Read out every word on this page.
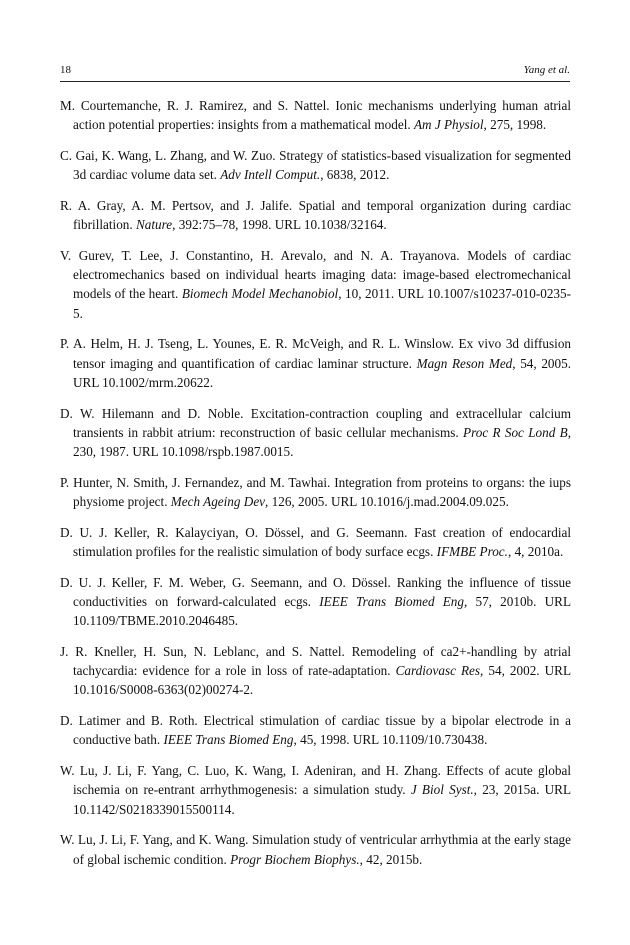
18	Yang et al.

M. Courtemanche, R. J. Ramirez, and S. Nattel. Ionic mechanisms underlying human atrial action potential properties: insights from a mathematical model. Am J Physiol, 275, 1998.

C. Gai, K. Wang, L. Zhang, and W. Zuo. Strategy of statistics-based visualization for segmented 3d cardiac volume data set. Adv Intell Comput., 6838, 2012.

R. A. Gray, A. M. Pertsov, and J. Jalife. Spatial and temporal organization during cardiac fibrillation. Nature, 392:75–78, 1998. URL 10.1038/32164.

V. Gurev, T. Lee, J. Constantino, H. Arevalo, and N. A. Trayanova. Models of cardiac electromechanics based on individual hearts imaging data: image-based electromechanical models of the heart. Biomech Model Mechanobiol, 10, 2011. URL 10.1007/s10237-010-0235-5.

P. A. Helm, H. J. Tseng, L. Younes, E. R. McVeigh, and R. L. Winslow. Ex vivo 3d diffusion tensor imaging and quantification of cardiac laminar structure. Magn Reson Med, 54, 2005. URL 10.1002/mrm.20622.

D. W. Hilemann and D. Noble. Excitation-contraction coupling and extracellular calcium transients in rabbit atrium: reconstruction of basic cellular mechanisms. Proc R Soc Lond B, 230, 1987. URL 10.1098/rspb.1987.0015.

P. Hunter, N. Smith, J. Fernandez, and M. Tawhai. Integration from proteins to organs: the iups physiome project. Mech Ageing Dev, 126, 2005. URL 10.1016/j.mad.2004.09.025.

D. U. J. Keller, R. Kalayciyan, O. Dössel, and G. Seemann. Fast creation of endocardial stimulation profiles for the realistic simulation of body surface ecgs. IFMBE Proc., 4, 2010a.

D. U. J. Keller, F. M. Weber, G. Seemann, and O. Dössel. Ranking the influence of tissue conductivities on forward-calculated ecgs. IEEE Trans Biomed Eng, 57, 2010b. URL 10.1109/TBME.2010.2046485.

J. R. Kneller, H. Sun, N. Leblanc, and S. Nattel. Remodeling of ca2+-handling by atrial tachycardia: evidence for a role in loss of rate-adaptation. Cardiovasc Res, 54, 2002. URL 10.1016/S0008-6363(02)00274-2.

D. Latimer and B. Roth. Electrical stimulation of cardiac tissue by a bipolar electrode in a conductive bath. IEEE Trans Biomed Eng, 45, 1998. URL 10.1109/10.730438.

W. Lu, J. Li, F. Yang, C. Luo, K. Wang, I. Adeniran, and H. Zhang. Effects of acute global ischemia on re-entrant arrhythmogenesis: a simulation study. J Biol Syst., 23, 2015a. URL 10.1142/S0218339015500114.

W. Lu, J. Li, F. Yang, and K. Wang. Simulation study of ventricular arrhythmia at the early stage of global ischemic condition. Progr Biochem Biophys., 42, 2015b.
